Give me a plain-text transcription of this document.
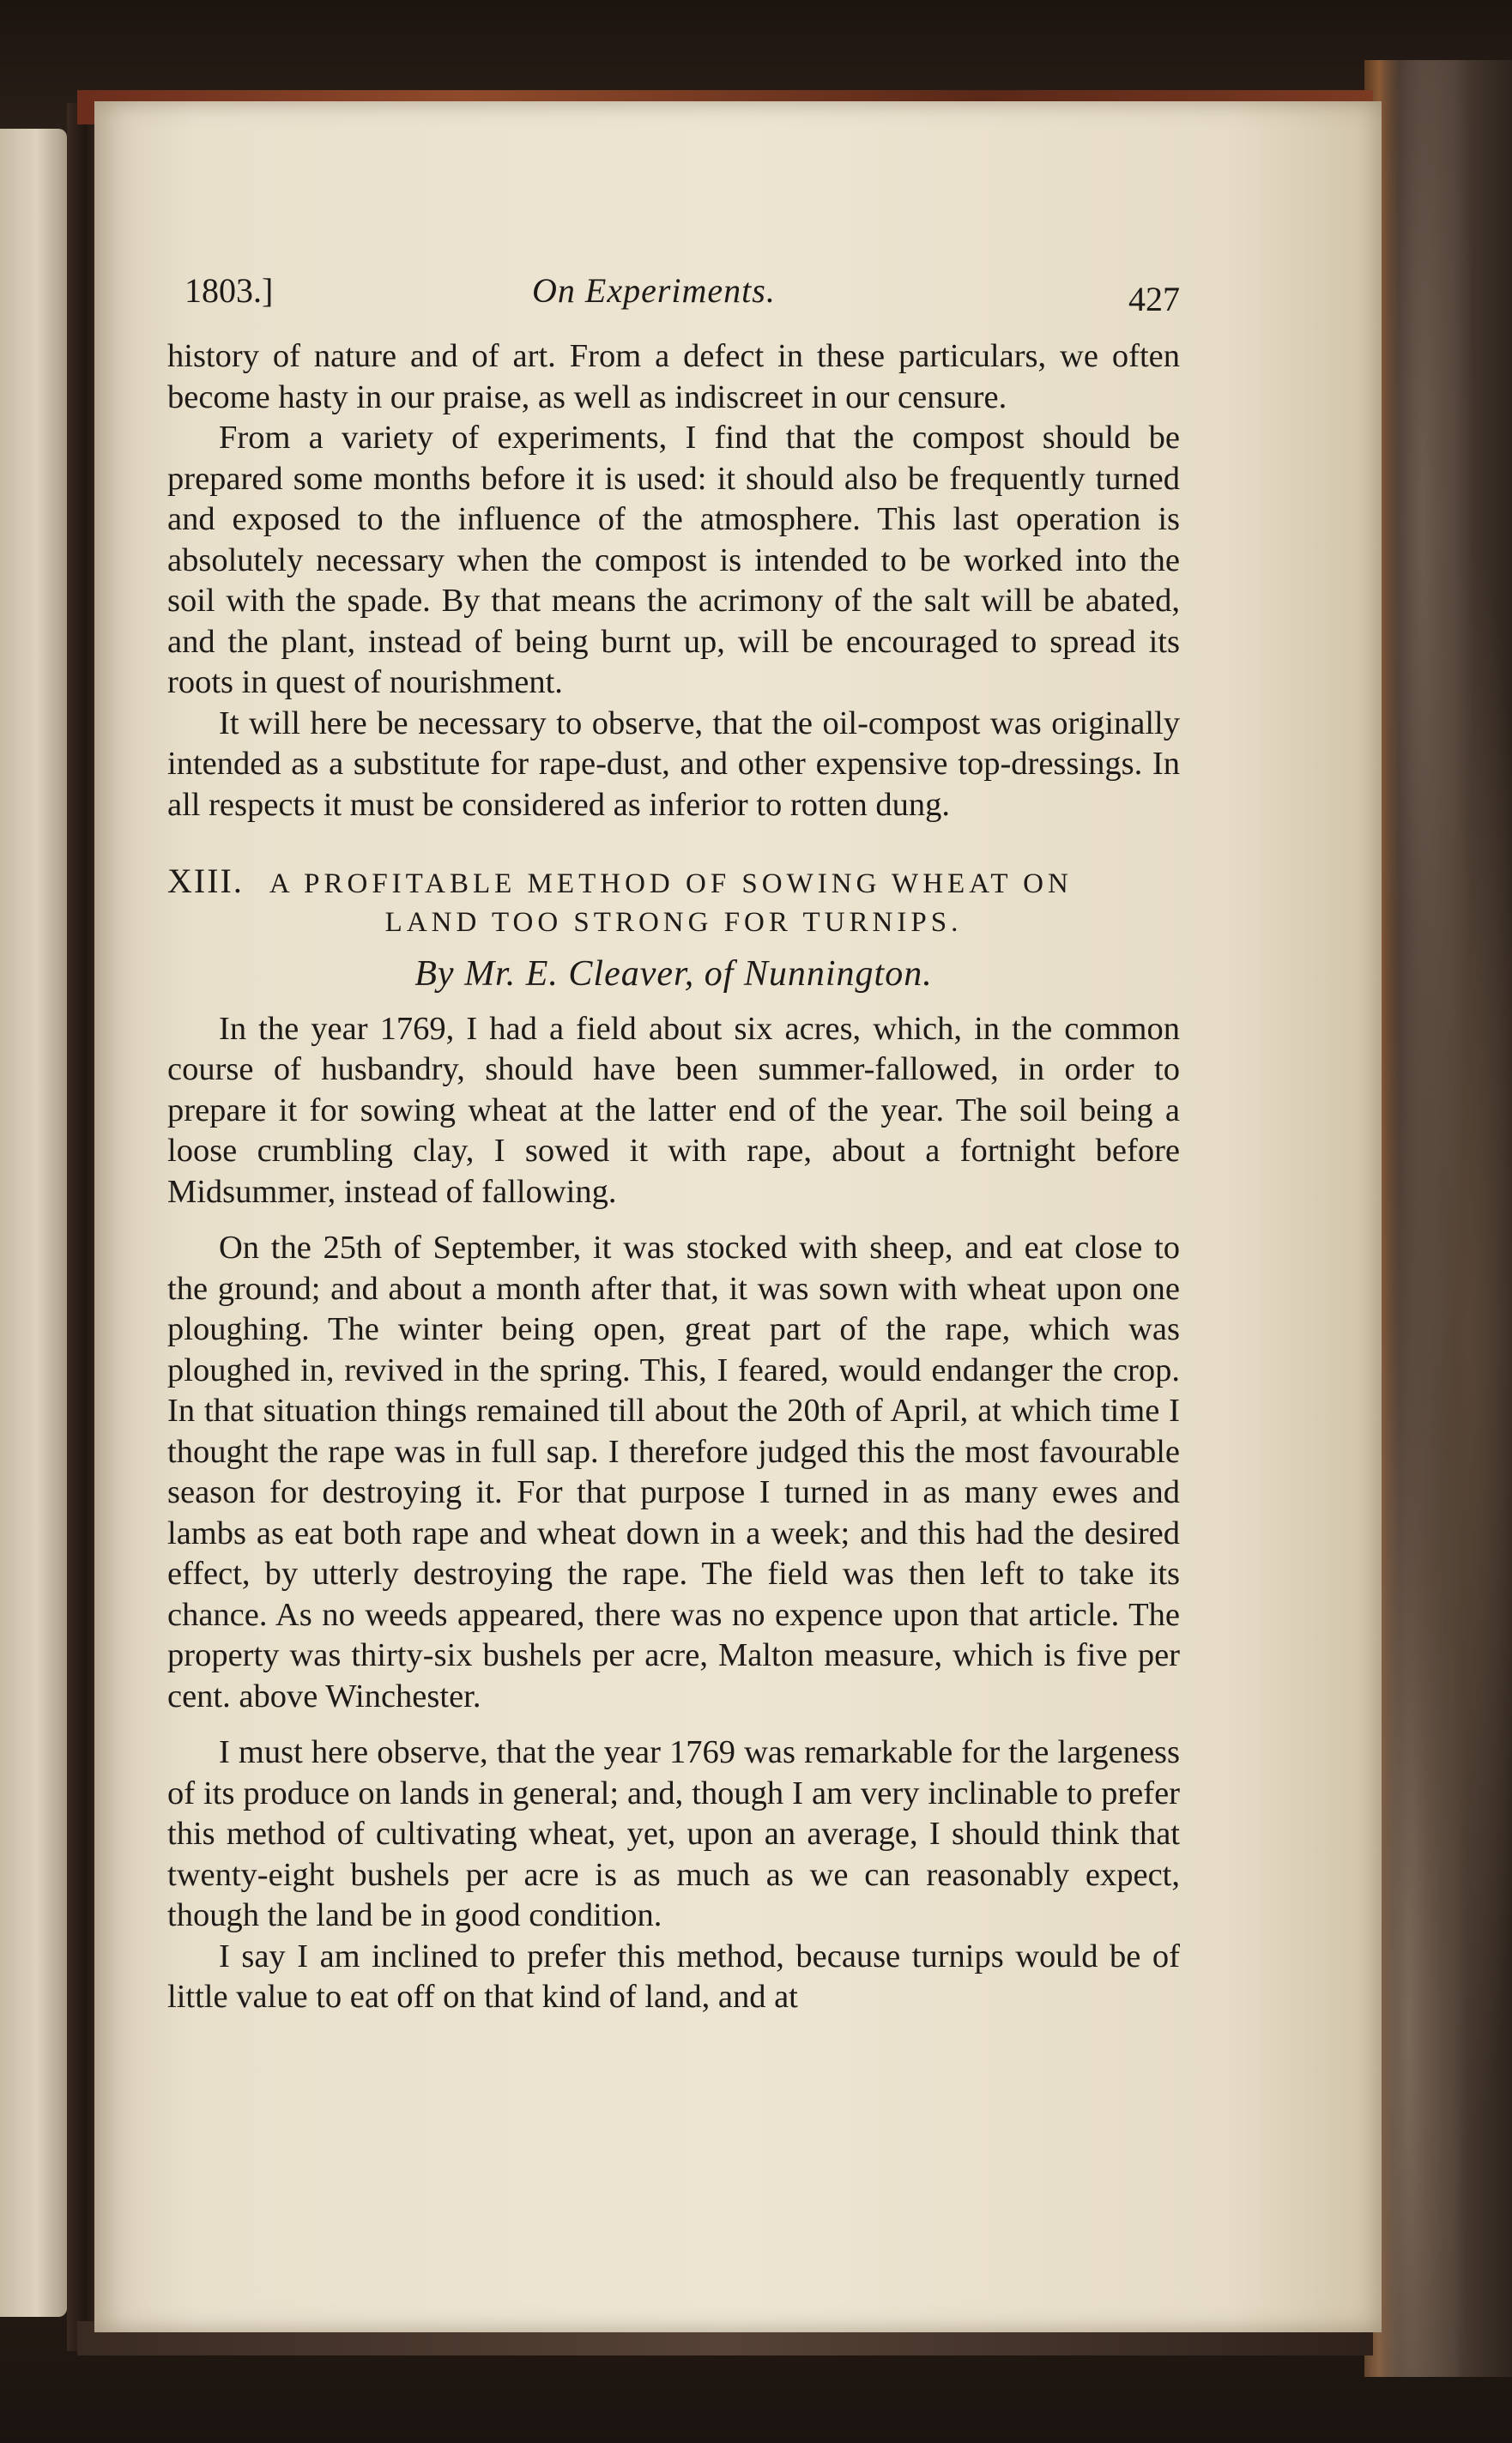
1803.]	On Experiments.	427

history of nature and of art. From a defect in these particulars, we often become hasty in our praise, as well as indiscreet in our censure.

From a variety of experiments, I find that the compost should be prepared some months before it is used: it should also be frequently turned and exposed to the influence of the atmosphere. This last operation is absolutely necessary when the compost is intended to be worked into the soil with the spade. By that means the acrimony of the salt will be abated, and the plant, instead of being burnt up, will be encouraged to spread its roots in quest of nourishment.

It will here be necessary to observe, that the oil-compost was originally intended as a substitute for rape-dust, and other expensive top-dressings. In all respects it must be considered as inferior to rotten dung.

XIII. A PROFITABLE METHOD OF SOWING WHEAT ON
LAND TOO STRONG FOR TURNIPS.
By Mr. E. Cleaver, of Nunnington.

In the year 1769, I had a field about six acres, which, in the common course of husbandry, should have been summer-fallowed, in order to prepare it for sowing wheat at the latter end of the year. The soil being a loose crumbling clay, I sowed it with rape, about a fortnight before Midsummer, instead of fallowing.

On the 25th of September, it was stocked with sheep, and eat close to the ground; and about a month after that, it was sown with wheat upon one ploughing. The winter being open, great part of the rape, which was ploughed in, revived in the spring. This, I feared, would endanger the crop. In that situation things remained till about the 20th of April, at which time I thought the rape was in full sap. I therefore judged this the most favourable season for destroying it. For that purpose I turned in as many ewes and lambs as eat both rape and wheat down in a week; and this had the desired effect, by utterly destroying the rape. The field was then left to take its chance. As no weeds appeared, there was no expence upon that article. The property was thirty-six bushels per acre, Malton measure, which is five per cent. above Winchester.

I must here observe, that the year 1769 was remarkable for the largeness of its produce on lands in general; and, though I am very inclinable to prefer this method of cultivating wheat, yet, upon an average, I should think that twenty-eight bushels per acre is as much as we can reasonably expect, though the land be in good condition.

I say I am inclined to prefer this method, because turnips would be of little value to eat off on that kind of land, and at
